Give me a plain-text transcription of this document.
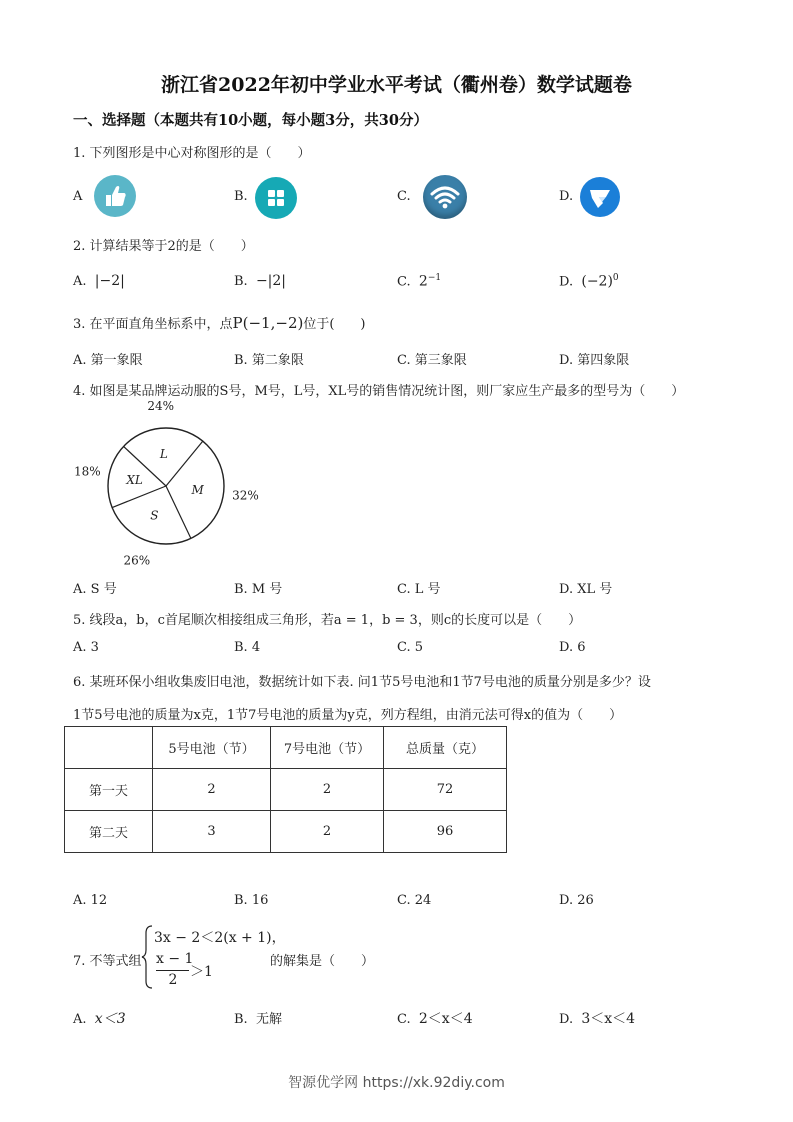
浙江省2022年初中学业水平考试（衢州卷）数学试题卷
一、选择题（本题共有10小题，每小题3分，共30分）
1. 下列图形是中心对称图形的是（　　）
A	B.	C.	D.
2. 计算结果等于2的是（　　）
A. |−2|	B. −|2|	C. $2^{-1}$	D. $(-2)^0$
3. 在平面直角坐标系中，点P(−1,−2)位于(　　)
A. 第一象限	B. 第二象限	C. 第三象限	D. 第四象限
4. 如图是某品牌运动服的S号，M号，L号，XL号的销售情况统计图，则厂家应生产最多的型号为（　　）
L
M
S
XL
24%
32%
26%
18%
A. S 号	B. M 号	C. L 号	D. XL 号
5. 线段a，b，c首尾顺次相接组成三角形，若a = 1，b = 3，则c的长度可以是（　　）
A. 3	B. 4	C. 5	D. 6
6. 某班环保小组收集废旧电池，数据统计如下表. 问1节5号电池和1节7号电池的质量分别是多少？设
1节5号电池的质量为x克，1节7号电池的质量为y克，列方程组，由消元法可得x的值为（　　）
	5号电池（节）	7号电池（节）	总质量（克）
第一天	2	2	72
第二天	3	2	96
A. 12	B. 16	C. 24	D. 26
7. 不等式组
3x − 2＜2(x + 1)，
x − 1
2 ＞1
的解集是（　　）
A. x＜3	B. 无解	C. 2＜x＜4	D. 3＜x＜4
智源优学网 https://xk.92diy.com
